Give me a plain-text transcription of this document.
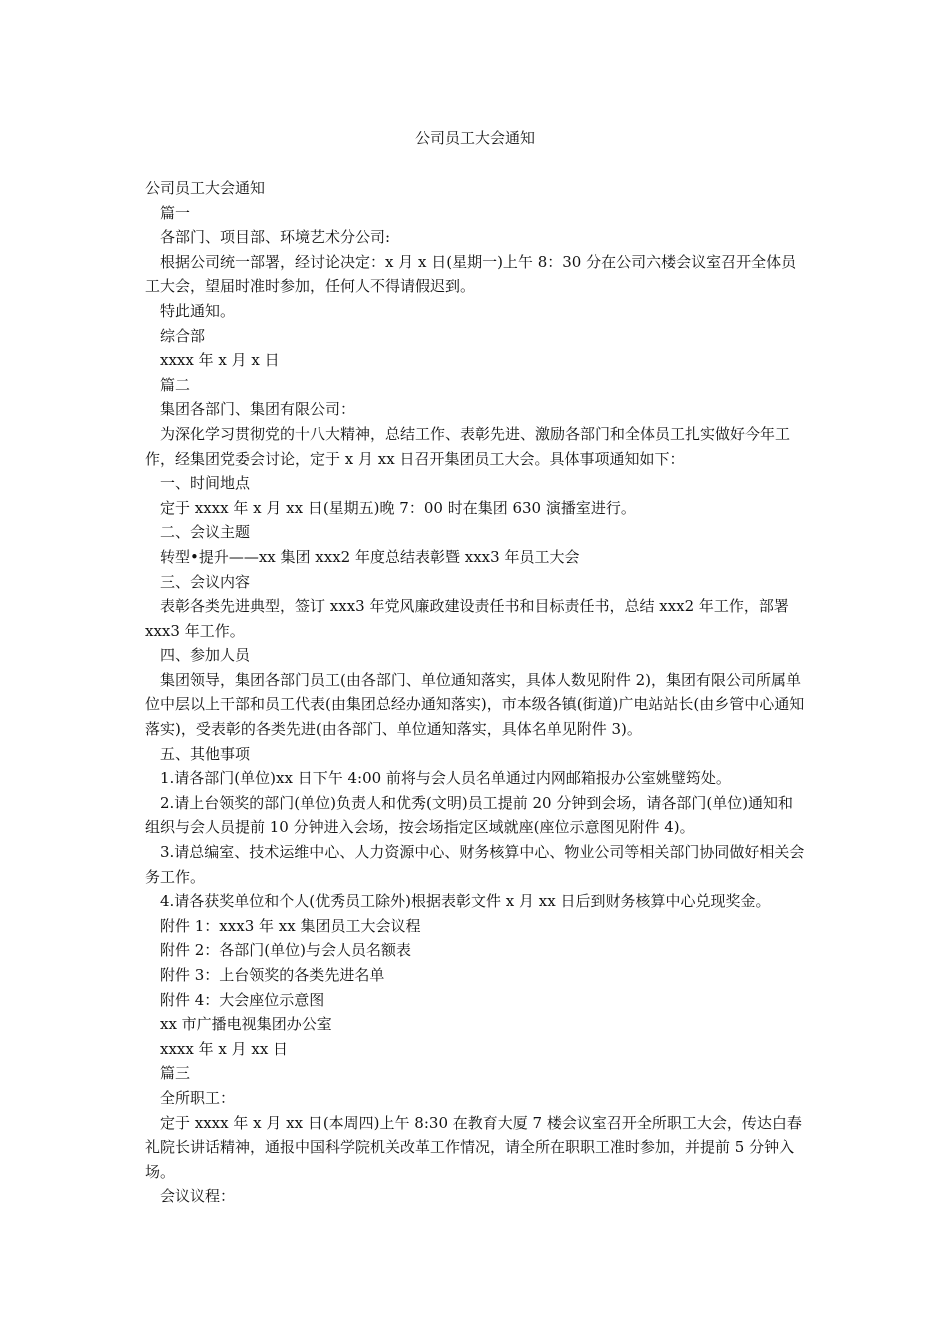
公司员工大会通知

公司员工大会通知

篇一

各部门、项目部、环境艺术分公司:

根据公司统一部署，经讨论决定：x 月 x 日(星期一)上午 8：30 分在公司六楼会议室召开全体员工大会，望届时准时参加，任何人不得请假迟到。

特此通知。

综合部

xxxx 年 x 月 x 日

篇二

集团各部门、集团有限公司：

为深化学习贯彻党的十八大精神，总结工作、表彰先进、激励各部门和全体员工扎实做好今年工作，经集团党委会讨论，定于 x 月 xx 日召开集团员工大会。具体事项通知如下：

一、时间地点

定于 xxxx 年 x 月 xx 日(星期五)晚 7：00 时在集团 630 演播室进行。

二、会议主题

转型•提升——xx 集团 xxx2 年度总结表彰暨 xxx3 年员工大会

三、会议内容

表彰各类先进典型，签订 xxx3 年党风廉政建设责任书和目标责任书，总结 xxx2 年工作，部署 xxx3 年工作。

四、参加人员

集团领导，集团各部门员工(由各部门、单位通知落实，具体人数见附件 2)，集团有限公司所属单位中层以上干部和员工代表(由集团总经办通知落实)，市本级各镇(街道)广电站站长(由乡管中心通知落实)，受表彰的各类先进(由各部门、单位通知落实，具体名单见附件 3)。

五、其他事项

1.请各部门(单位)xx 日下午 4:00 前将与会人员名单通过内网邮箱报办公室姚璧筠处。

2.请上台领奖的部门(单位)负责人和优秀(文明)员工提前 20 分钟到会场，请各部门(单位)通知和组织与会人员提前 10 分钟进入会场，按会场指定区域就座(座位示意图见附件 4)。

3.请总编室、技术运维中心、人力资源中心、财务核算中心、物业公司等相关部门协同做好相关会务工作。

4.请各获奖单位和个人(优秀员工除外)根据表彰文件 x 月 xx 日后到财务核算中心兑现奖金。

附件 1：xxx3 年 xx 集团员工大会议程

附件 2：各部门(单位)与会人员名额表

附件 3：上台领奖的各类先进名单

附件 4：大会座位示意图

xx 市广播电视集团办公室

xxxx 年 x 月 xx 日

篇三

全所职工：

定于 xxxx 年 x 月 xx 日(本周四)上午 8:30 在教育大厦 7 楼会议室召开全所职工大会，传达白春礼院长讲话精神，通报中国科学院机关改革工作情况，请全所在职职工准时参加，并提前 5 分钟入场。

会议议程：
